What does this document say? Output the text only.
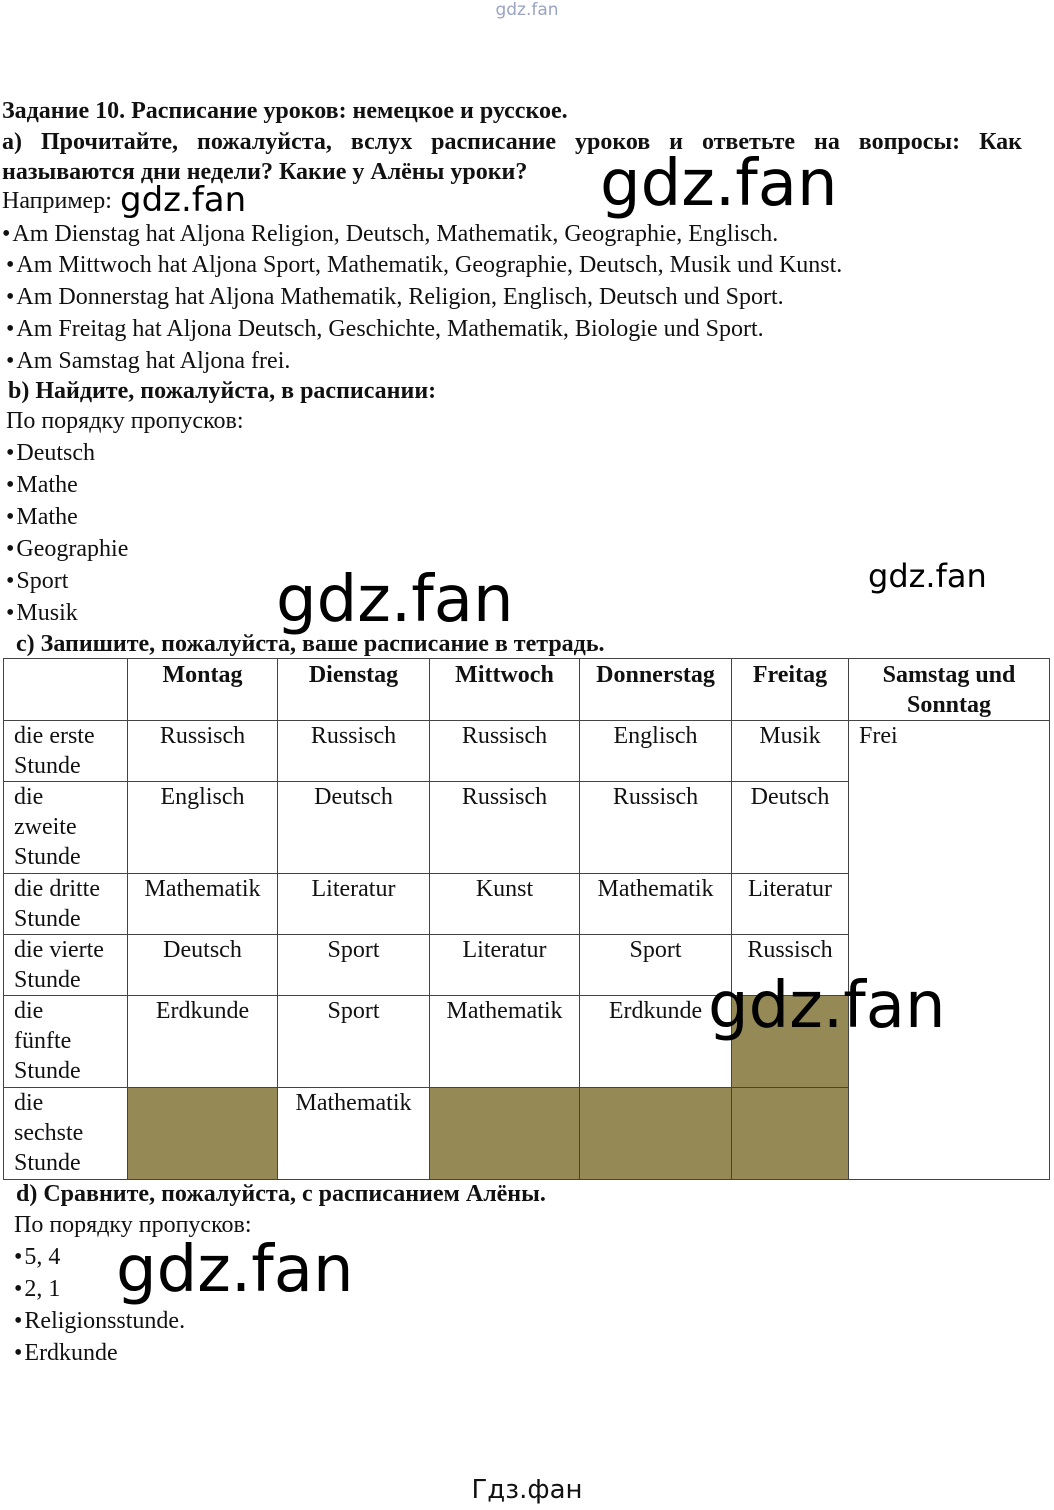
gdz.fan
Задание 10. Расписание уроков: немецкое и русское.
a) Прочитайте, пожалуйста, вслух расписание уроков и ответьте на вопросы: Как называются дни недели? Какие у Алёны уроки?
Например:
• Am Dienstag hat Aljona Religion, Deutsch, Mathematik, Geographie, Englisch.
• Am Mittwoch hat Aljona Sport, Mathematik, Geographie, Deutsch, Musik und Kunst.
• Am Donnerstag hat Aljona Mathematik, Religion, Englisch, Deutsch und Sport.
• Am Freitag hat Aljona Deutsch, Geschichte, Mathematik, Biologie und Sport.
• Am Samstag hat Aljona frei.
b) Найдите, пожалуйста, в расписании:
По порядку пропусков:
• Deutsch
• Mathe
• Mathe
• Geographie
• Sport
• Musik
c) Запишите, пожалуйста, ваше расписание в тетрадь.
	Montag	Dienstag	Mittwoch	Donnerstag	Freitag	Samstag und Sonntag
die erste Stunde	Russisch	Russisch	Russisch	Englisch	Musik	Frei
die zweite Stunde	Englisch	Deutsch	Russisch	Russisch	Deutsch	
die dritte Stunde	Mathematik	Literatur	Kunst	Mathematik	Literatur	
die vierte Stunde	Deutsch	Sport	Literatur	Sport	Russisch	
die fünfte Stunde	Erdkunde	Sport	Mathematik	Erdkunde		
die sechste Stunde		Mathematik				
d) Сравните, пожалуйста, с расписанием Алёны.
По порядку пропусков:
• 5, 4
• 2, 1
• Religionsstunde.
• Erdkunde
gdz.fan
gdz.fan
gdz.fan
gdz.fan
gdz.fan
gdz.fan
Гдз.фан
